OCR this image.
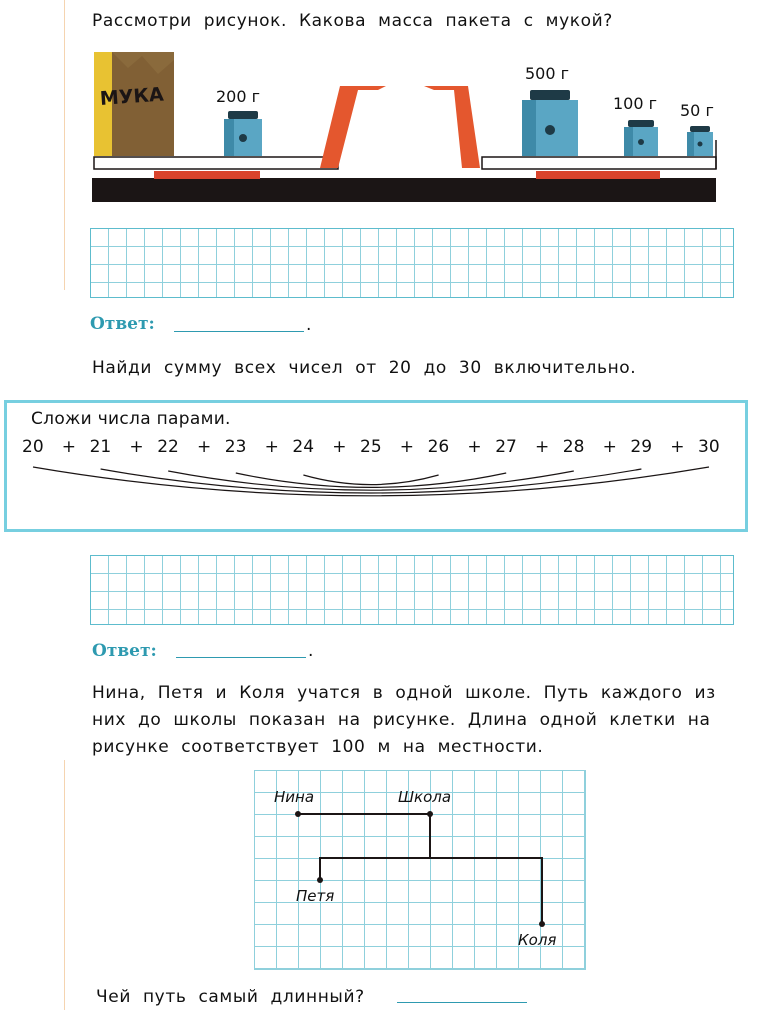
Рассмотри рисунок. Какова масса пакета с мукой?
МУКА	200 г
500 г
100 г 50 г
Ответ:	.
Найди сумму всех чисел от 20 до 30 включительно.
Сложи числа парами.
20 + 21 + 22 + 23 + 24 + 25 + 26 + 27 + 28 + 29 + 30
Ответ:	.
Нина, Петя и Коля учатся в одной школе. Путь каждого из
них до школы показан на рисунке. Длина одной клетки на
рисунке соответствует 100 м на местности.
Нина	Школа
Петя
Коля
Чей путь самый длинный?
